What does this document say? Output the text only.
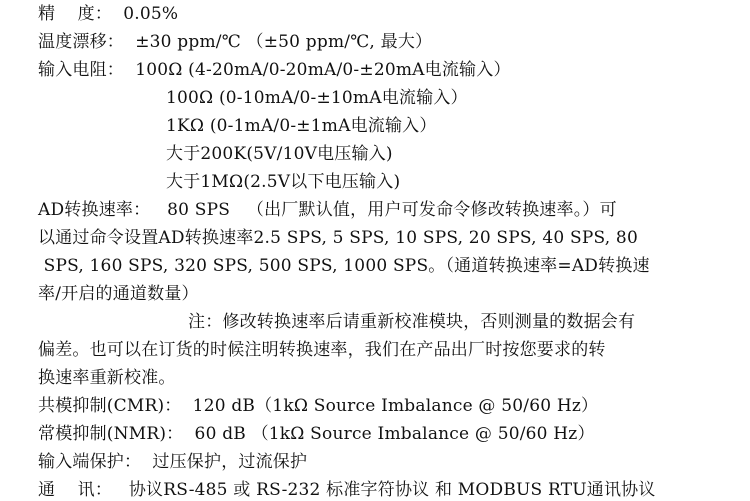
精    度：  0.05%
温度漂移：  ±30 ppm/℃ （±50 ppm/℃, 最大）
输入电阻：  100Ω (4-20mA/0-20mA/0-±20mA电流输入）
100Ω (0-10mA/0-±10mA电流输入）
1KΩ (0-1mA/0-±1mA电流输入）
大于200K(5V/10V电压输入)
大于1MΩ(2.5V以下电压输入)
AD转换速率：   80 SPS   （出厂默认值，用户可发命令修改转换速率。）可
以通过命令设置AD转换速率2.5 SPS, 5 SPS, 10 SPS, 20 SPS, 40 SPS, 80
SPS, 160 SPS, 320 SPS, 500 SPS, 1000 SPS。（通道转换速率=AD转换速
率/开启的通道数量）
注：修改转换速率后请重新校准模块，否则测量的数据会有
偏差。也可以在订货的时候注明转换速率，我们在产品出厂时按您要求的转
换速率重新校准。
共模抑制(CMR)：  120 dB（1kΩ Source Imbalance @ 50/60 Hz）
常模抑制(NMR)：  60 dB （1kΩ Source Imbalance @ 50/60 Hz）
输入端保护：  过压保护，过流保护
通    讯：   协议RS-485 或 RS-232 标准字符协议 和 MODBUS RTU通讯协议
